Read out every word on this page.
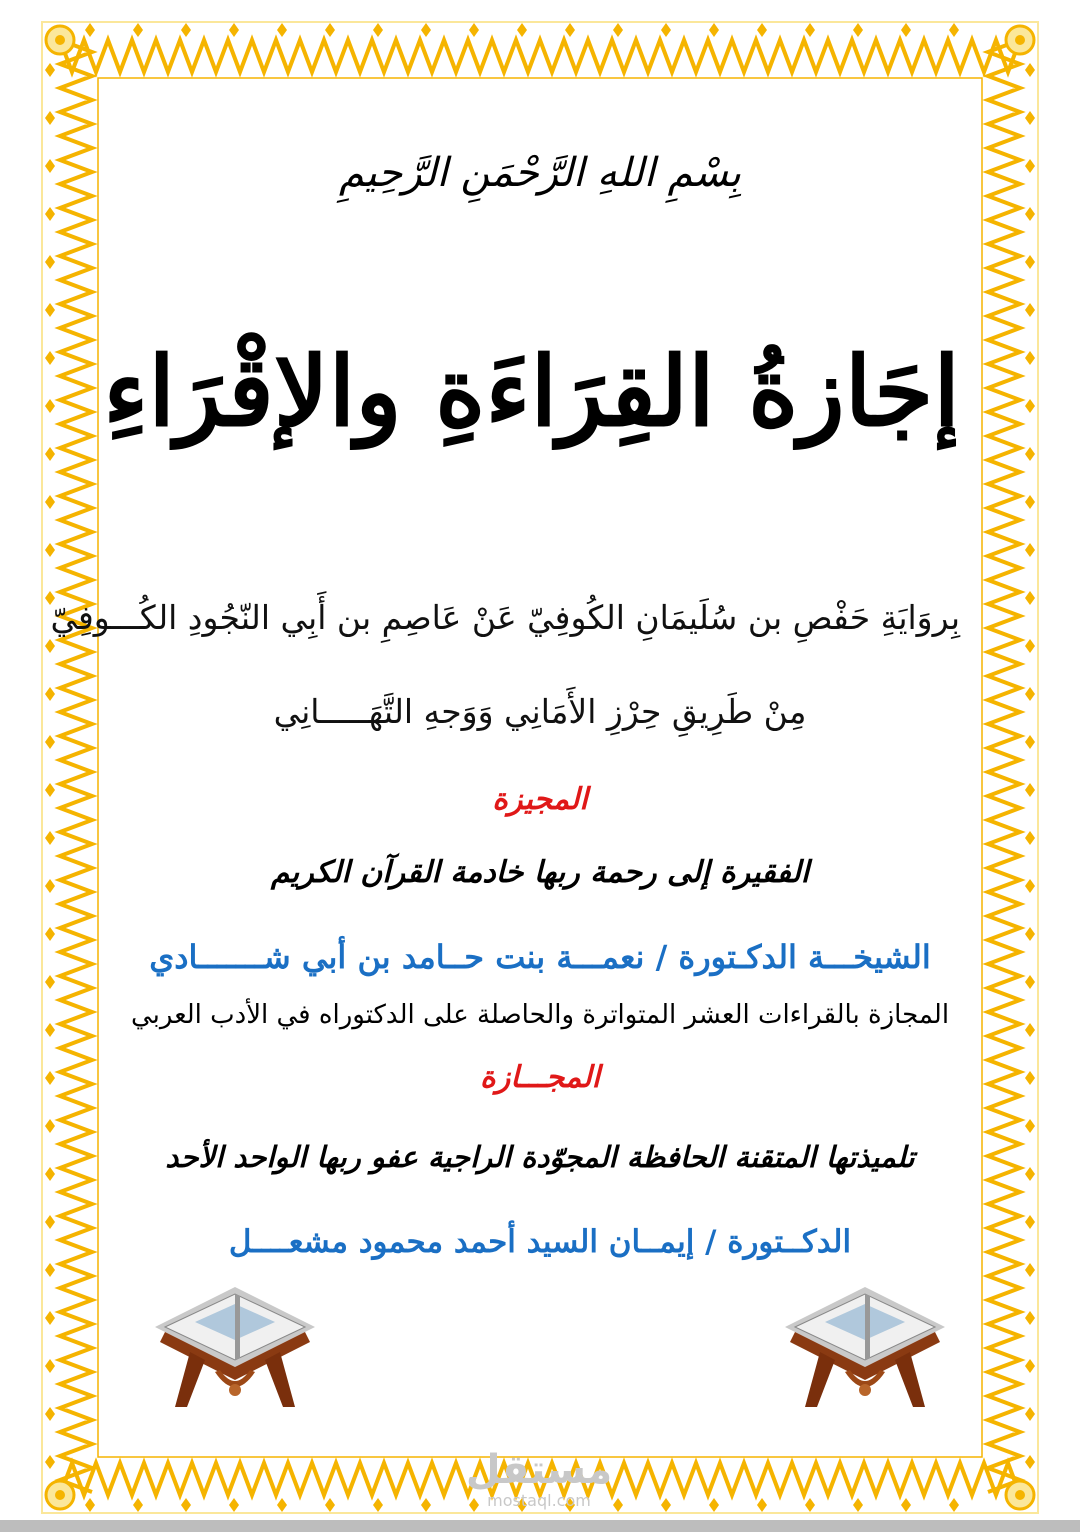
بِسْمِ اللهِ الرَّحْمَنِ الرَّحِيمِ
إجَازةُ القِرَاءَةِ والإقْرَاءِ
بِروَايَةِ حَفْصِ بن سُلَيمَانِ الكُوفِيّ عَنْ عَاصِمِ بن أَبِي النّجُودِ الكُـــوفِيّ
مِنْ طَرِيقِ حِرْزِ الأَمَانِي وَوَجهِ التَّهَـــــانِي
المجيزة
الفقيرة إلى رحمة ربها خادمة القرآن الكريم
الشيخـــة الدكـتورة / نعمـــة بنت حــامد بن أبي شـــــــادي
المجازة بالقراءات العشر المتواترة والحاصلة على الدكتوراه في الأدب العربي
المجـــازة
تلميذتها المتقنة الحافظة المجوّدة الراجية عفو ربها الواحد الأحد
الدكــتورة / إيمــان السيد أحمد محمود مشعــــل
مستقل
mostaql.com
